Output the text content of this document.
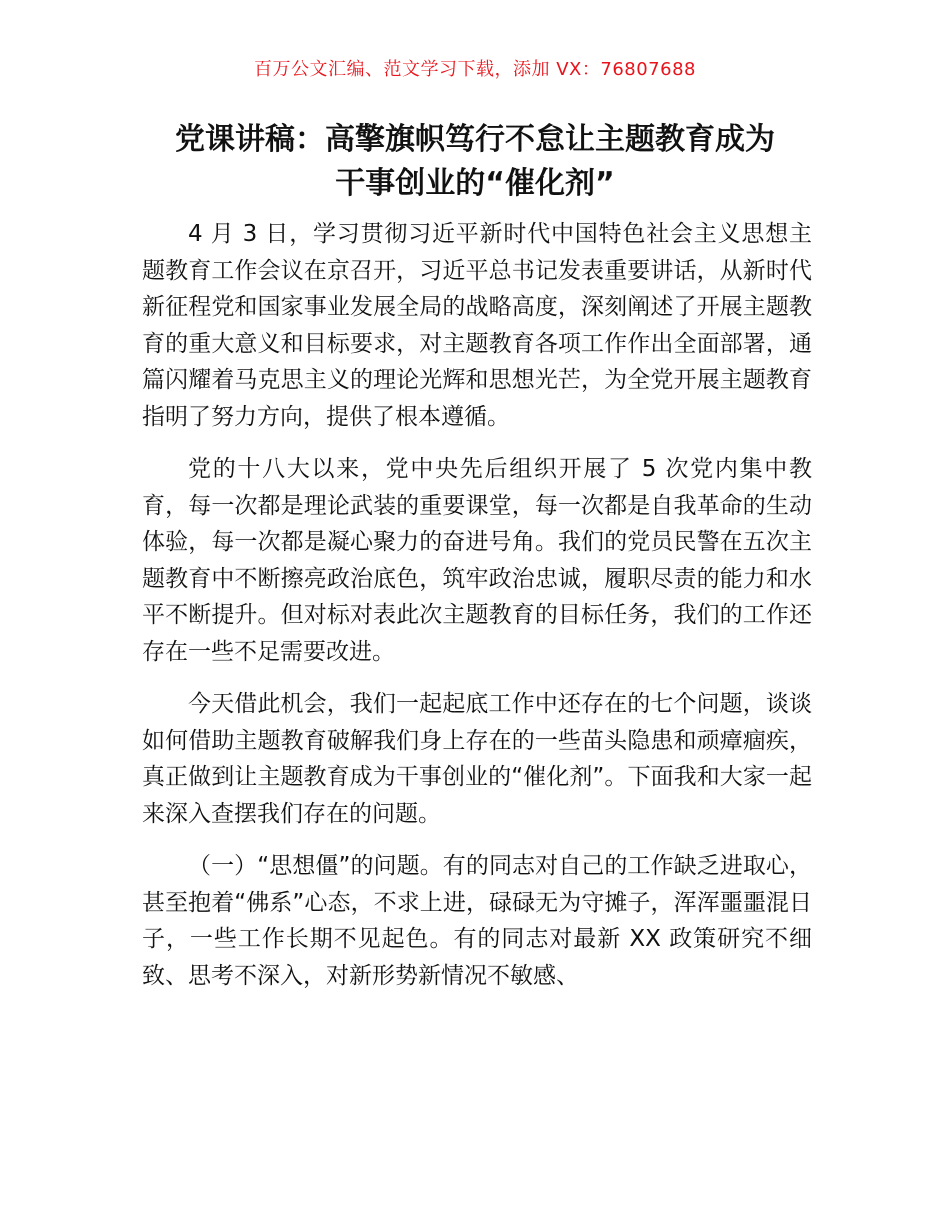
百万公文汇编、范文学习下载，添加 VX：76807688
党课讲稿：高擎旗帜笃行不怠让主题教育成为
干事创业的“催化剂”

4 月 3 日，学习贯彻习近平新时代中国特色社会主义思想主题教育工作会议在京召开，习近平总书记发表重要讲话，从新时代新征程党和国家事业发展全局的战略高度，深刻阐述了开展主题教育的重大意义和目标要求，对主题教育各项工作作出全面部署，通篇闪耀着马克思主义的理论光辉和思想光芒，为全党开展主题教育指明了努力方向，提供了根本遵循。

党的十八大以来，党中央先后组织开展了 5 次党内集中教育，每一次都是理论武装的重要课堂，每一次都是自我革命的生动体验，每一次都是凝心聚力的奋进号角。我们的党员民警在五次主题教育中不断擦亮政治底色，筑牢政治忠诚，履职尽责的能力和水平不断提升。但对标对表此次主题教育的目标任务，我们的工作还存在一些不足需要改进。

今天借此机会，我们一起起底工作中还存在的七个问题，谈谈如何借助主题教育破解我们身上存在的一些苗头隐患和顽瘴痼疾，真正做到让主题教育成为干事创业的“催化剂”。下面我和大家一起来深入查摆我们存在的问题。

（一）“思想僵”的问题。有的同志对自己的工作缺乏进取心，甚至抱着“佛系”心态，不求上进，碌碌无为守摊子，浑浑噩噩混日子，一些工作长期不见起色。有的同志对最新 XX 政策研究不细致、思考不深入，对新形势新情况不敏感、
